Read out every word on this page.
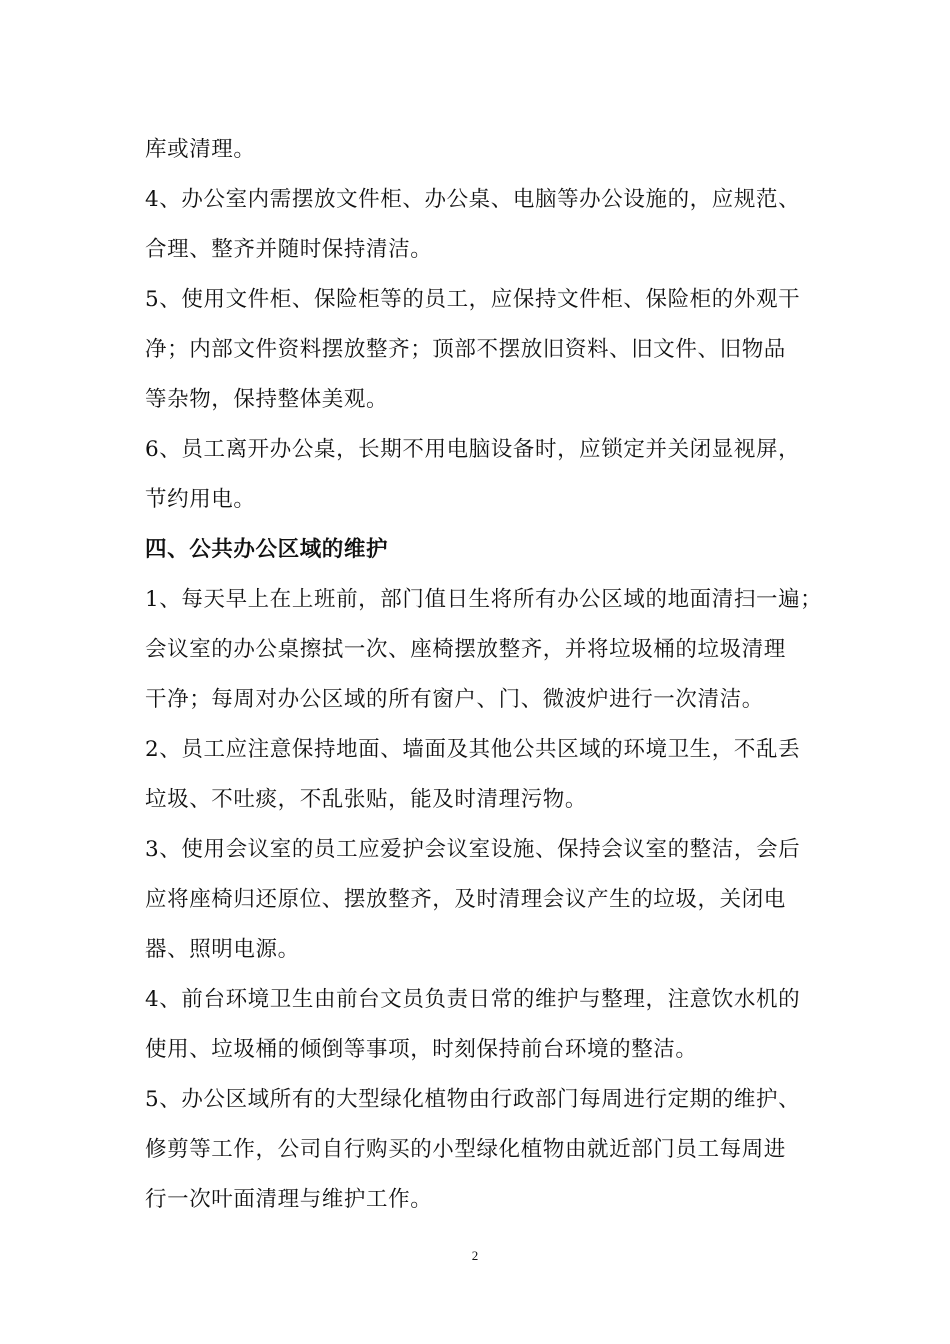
库或清理。
4、办公室内需摆放文件柜、办公桌、电脑等办公设施的，应规范、
合理、整齐并随时保持清洁。
5、使用文件柜、保险柜等的员工，应保持文件柜、保险柜的外观干
净；内部文件资料摆放整齐；顶部不摆放旧资料、旧文件、旧物品
等杂物，保持整体美观。
6、员工离开办公桌，长期不用电脑设备时，应锁定并关闭显视屏，
节约用电。
四、公共办公区域的维护
1、每天早上在上班前，部门值日生将所有办公区域的地面清扫一遍；
会议室的办公桌擦拭一次、座椅摆放整齐，并将垃圾桶的垃圾清理
干净；每周对办公区域的所有窗户、门、微波炉进行一次清洁。
2、员工应注意保持地面、墙面及其他公共区域的环境卫生，不乱丢
垃圾、不吐痰，不乱张贴，能及时清理污物。
3、使用会议室的员工应爱护会议室设施、保持会议室的整洁，会后
应将座椅归还原位、摆放整齐，及时清理会议产生的垃圾，关闭电
器、照明电源。
4、前台环境卫生由前台文员负责日常的维护与整理，注意饮水机的
使用、垃圾桶的倾倒等事项，时刻保持前台环境的整洁。
5、办公区域所有的大型绿化植物由行政部门每周进行定期的维护、
修剪等工作，公司自行购买的小型绿化植物由就近部门员工每周进
行一次叶面清理与维护工作。
2
